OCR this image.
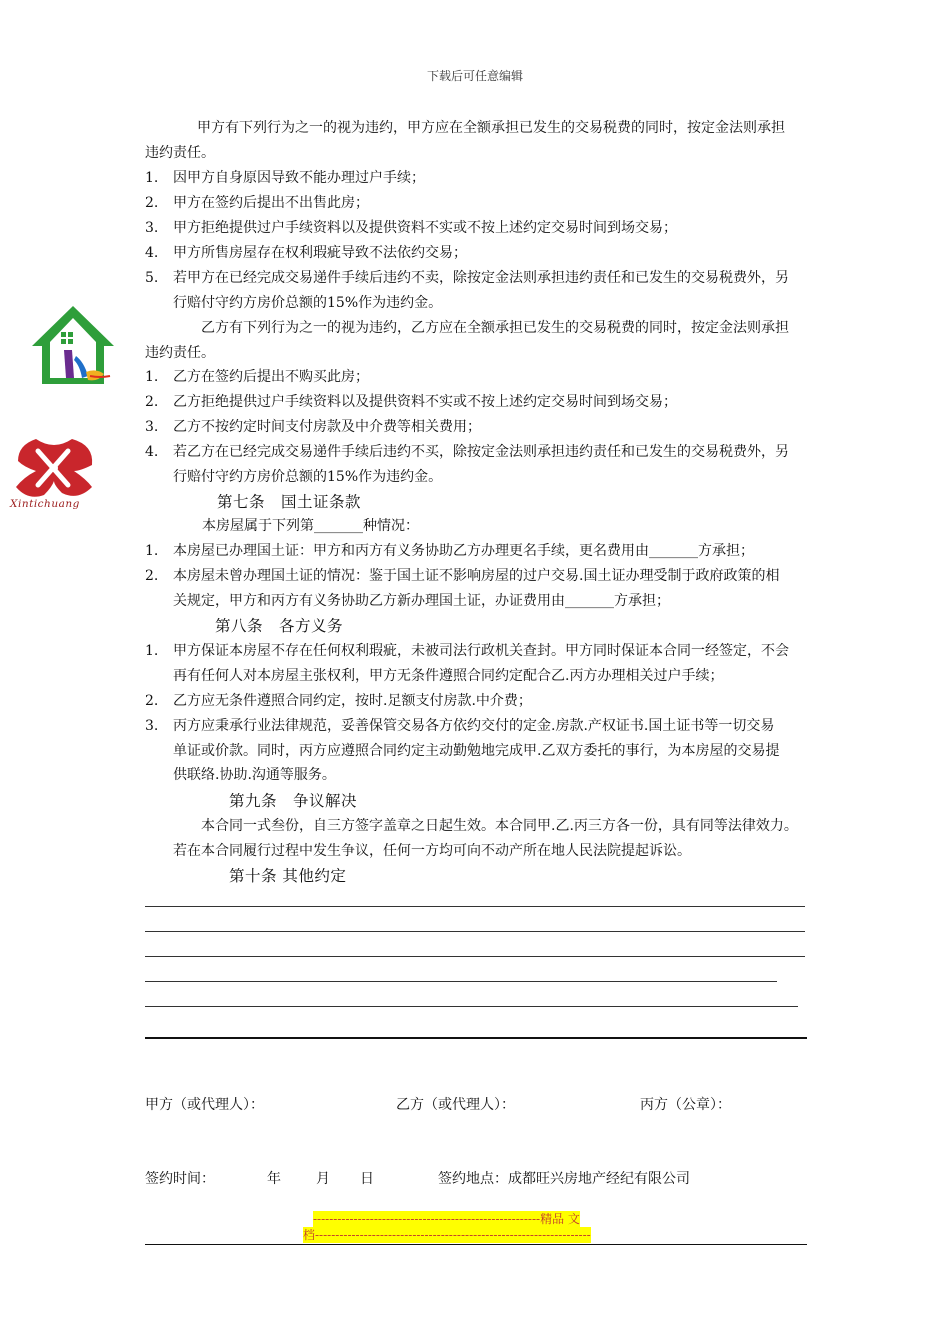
下载后可任意编辑
Xintichuang
甲方有下列行为之一的视为违约，甲方应在全额承担已发生的交易税费的同时，按定金法则承担
违约责任。
1. 因甲方自身原因导致不能办理过户手续；
2. 甲方在签约后提出不出售此房；
3. 甲方拒绝提供过户手续资料以及提供资料不实或不按上述约定交易时间到场交易；
4. 甲方所售房屋存在权利瑕疵导致不法依约交易；
5. 若甲方在已经完成交易递件手续后违约不卖，除按定金法则承担违约责任和已发生的交易税费外，另
行赔付守约方房价总额的15%作为违约金。
乙方有下列行为之一的视为违约，乙方应在全额承担已发生的交易税费的同时，按定金法则承担
违约责任。
1. 乙方在签约后提出不购买此房；
2. 乙方拒绝提供过户手续资料以及提供资料不实或不按上述约定交易时间到场交易；
3. 乙方不按约定时间支付房款及中介费等相关费用；
4. 若乙方在已经完成交易递件手续后违约不买，除按定金法则承担违约责任和已发生的交易税费外，另
行赔付守约方房价总额的15%作为违约金。
第七条　国土证条款
本房屋属于下列第_______种情况：
1. 本房屋已办理国土证：甲方和丙方有义务协助乙方办理更名手续，更名费用由_______方承担；
2. 本房屋未曾办理国土证的情况：鉴于国土证不影响房屋的过户交易.国土证办理受制于政府政策的相
关规定，甲方和丙方有义务协助乙方新办理国土证，办证费用由_______方承担；
第八条　各方义务
1. 甲方保证本房屋不存在任何权利瑕疵，未被司法行政机关查封。甲方同时保证本合同一经签定，不会
再有任何人对本房屋主张权利，甲方无条件遵照合同约定配合乙.丙方办理相关过户手续；
2. 乙方应无条件遵照合同约定，按时.足额支付房款.中介费；
3. 丙方应秉承行业法律规范，妥善保管交易各方依约交付的定金.房款.产权证书.国土证书等一切交易
单证或价款。同时，丙方应遵照合同约定主动勤勉地完成甲.乙双方委托的事行，为本房屋的交易提
供联络.协助.沟通等服务。
第九条　争议解决
本合同一式叁份，自三方签字盖章之日起生效。本合同甲.乙.丙三方各一份，具有同等法律效力。
若在本合同履行过程中发生争议，任何一方均可向不动产所在地人民法院提起诉讼。
第十条 其他约定
甲方（或代理人）：	乙方（或代理人）：	丙方（公章）：
签约时间：	年	月 日	签约地点：成都旺兴房地产经纪有限公司
--------------------------------------------------------精品 文
档--------------------------------------------------------------------
